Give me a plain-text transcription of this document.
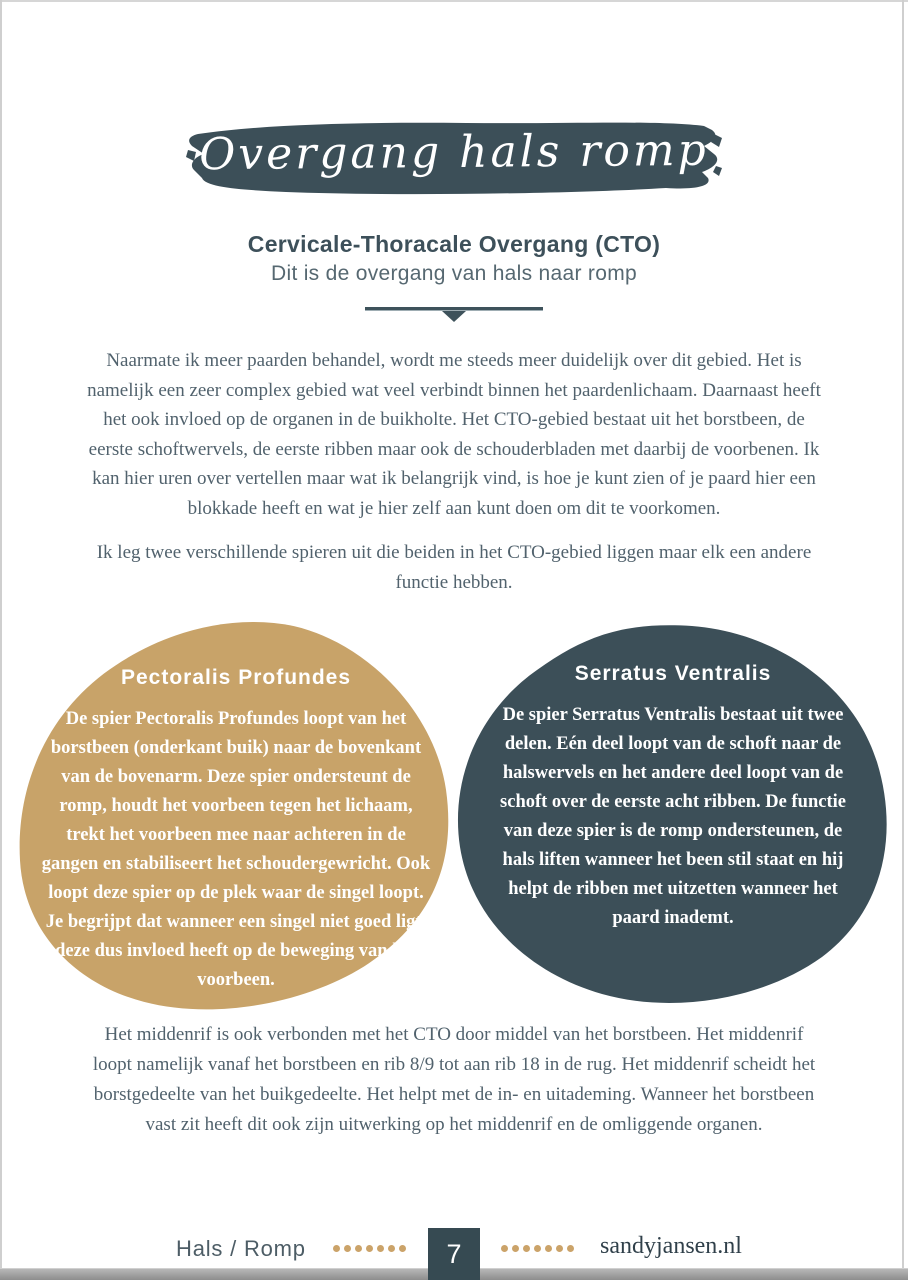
Overgang hals romp
Cervicale-Thoracale Overgang (CTO)
Dit is de overgang van hals naar romp

Naarmate ik meer paarden behandel, wordt me steeds meer duidelijk over dit gebied. Het is namelijk een zeer complex gebied wat veel verbindt binnen het paardenlichaam. Daarnaast heeft het ook invloed op de organen in de buikholte. Het CTO-gebied bestaat uit het borstbeen, de eerste schoftwervels, de eerste ribben maar ook de schouderbladen met daarbij de voorbenen. Ik kan hier uren over vertellen maar wat ik belangrijk vind, is hoe je kunt zien of je paard hier een blokkade heeft en wat je hier zelf aan kunt doen om dit te voorkomen.

Ik leg twee verschillende spieren uit die beiden in het CTO-gebied liggen maar elk een andere functie hebben.

Pectoralis Profundes
De spier Pectoralis Profundes loopt van het borstbeen (onderkant buik) naar de bovenkant van de bovenarm. Deze spier ondersteunt de romp, houdt het voorbeen tegen het lichaam, trekt het voorbeen mee naar achteren in de gangen en stabiliseert het schoudergewricht. Ook loopt deze spier op de plek waar de singel loopt. Je begrijpt dat wanneer een singel niet goed ligt, deze dus invloed heeft op de beweging van het voorbeen.
Serratus Ventralis
De spier Serratus Ventralis bestaat uit twee delen. Eén deel loopt van de schoft naar de halswervels en het andere deel loopt van de schoft over de eerste acht ribben. De functie van deze spier is de romp ondersteunen, de hals liften wanneer het been stil staat en hij helpt de ribben met uitzetten wanneer het paard inademt.

Het middenrif is ook verbonden met het CTO door middel van het borstbeen. Het middenrif loopt namelijk vanaf het borstbeen en rib 8/9 tot aan rib 18 in de rug. Het middenrif scheidt het borstgedeelte van het buikgedeelte. Het helpt met de in- en uitademing. Wanneer het borstbeen vast zit heeft dit ook zijn uitwerking op het middenrif en de omliggende organen.

Hals / Romp	7	sandyjansen.nl
